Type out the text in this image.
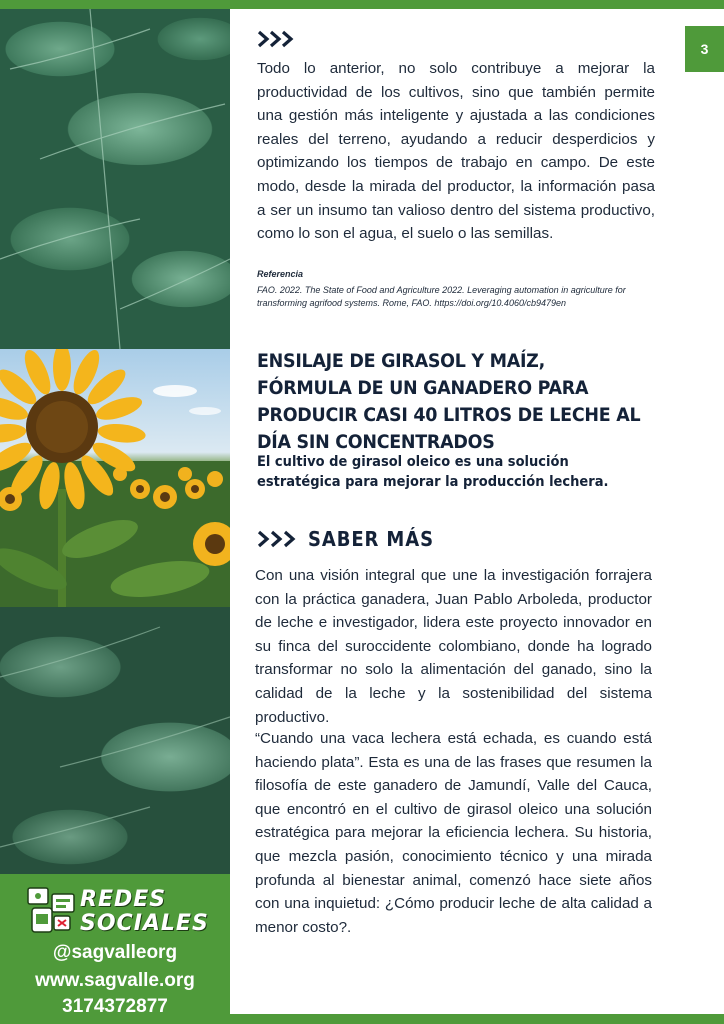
REDES
SOCIALES
@sagvalleorg
www.sagvalle.org
3174372877
3

Todo lo anterior, no solo contribuye a mejorar la productividad de los cultivos, sino que también permite una gestión más inteligente y ajustada a las condiciones reales del terreno, ayudando a reducir desperdicios y optimizando los tiempos de trabajo en campo. De este modo, desde la mirada del productor, la información pasa a ser un insumo tan valioso dentro del sistema productivo, como lo son el agua, el suelo o las semillas.

Referencia

FAO. 2022. The State of Food and Agriculture 2022. Leveraging automation in agriculture for transforming agrifood systems. Rome, FAO. https://doi.org/10.4060/cb9479en

ENSILAJE DE GIRASOL Y MAÍZ, FÓRMULA DE UN GANADERO PARA PRODUCIR CASI 40 LITROS DE LECHE AL DÍA SIN CONCENTRADOS
El cultivo de girasol oleico es una solución estratégica para mejorar la producción lechera.
SABER MÁS

Con una visión integral que une la investigación forrajera con la práctica ganadera, Juan Pablo Arboleda, productor de leche e investigador, lidera este proyecto innovador en su finca del suroccidente colombiano, donde ha logrado transformar no solo la alimentación del ganado, sino la calidad de la leche y la sostenibilidad del sistema productivo.

“Cuando una vaca lechera está echada, es cuando está haciendo plata”. Esta es una de las frases que resumen la filosofía de este ganadero de Jamundí, Valle del Cauca, que encontró en el cultivo de girasol oleico una solución estratégica para mejorar la eficiencia lechera. Su historia, que mezcla pasión, conocimiento técnico y una mirada profunda al bienestar animal, comenzó hace siete años con una inquietud: ¿Cómo producir leche de alta calidad a menor costo?.
